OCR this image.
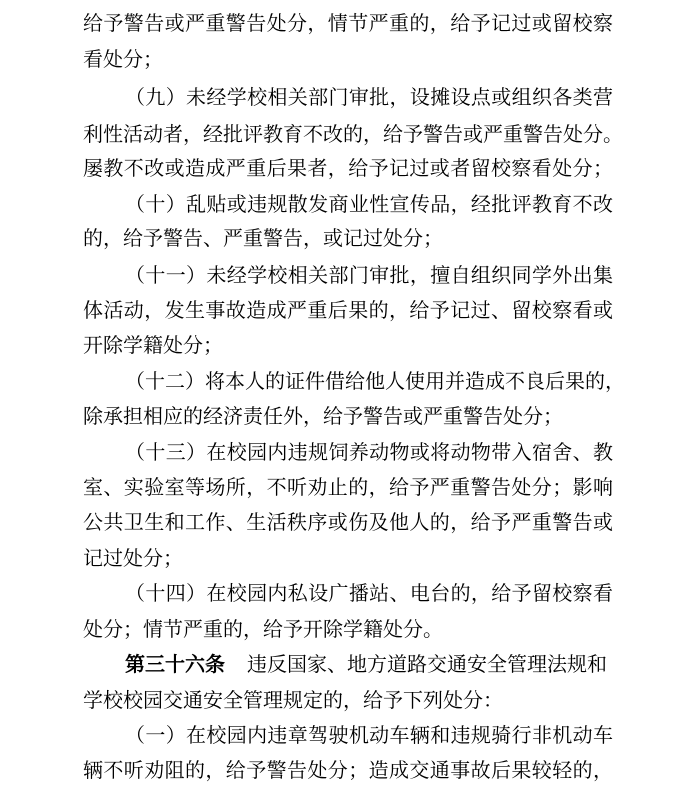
给予警告或严重警告处分，情节严重的，给予记过或留校察
看处分；
（九）未经学校相关部门审批，设摊设点或组织各类营
利性活动者，经批评教育不改的，给予警告或严重警告处分。
屡教不改或造成严重后果者，给予记过或者留校察看处分；
（十）乱贴或违规散发商业性宣传品，经批评教育不改
的，给予警告、严重警告，或记过处分；
（十一）未经学校相关部门审批，擅自组织同学外出集
体活动，发生事故造成严重后果的，给予记过、留校察看或
开除学籍处分；
（十二）将本人的证件借给他人使用并造成不良后果的，
除承担相应的经济责任外，给予警告或严重警告处分；
（十三）在校园内违规饲养动物或将动物带入宿舍、教
室、实验室等场所，不听劝止的，给予严重警告处分；影响
公共卫生和工作、生活秩序或伤及他人的，给予严重警告或
记过处分；
（十四）在校园内私设广播站、电台的，给予留校察看
处分；情节严重的，给予开除学籍处分。
第三十六条 违反国家、地方道路交通安全管理法规和
学校校园交通安全管理规定的，给予下列处分：
（一）在校园内违章驾驶机动车辆和违规骑行非机动车
辆不听劝阻的，给予警告处分；造成交通事故后果较轻的，
